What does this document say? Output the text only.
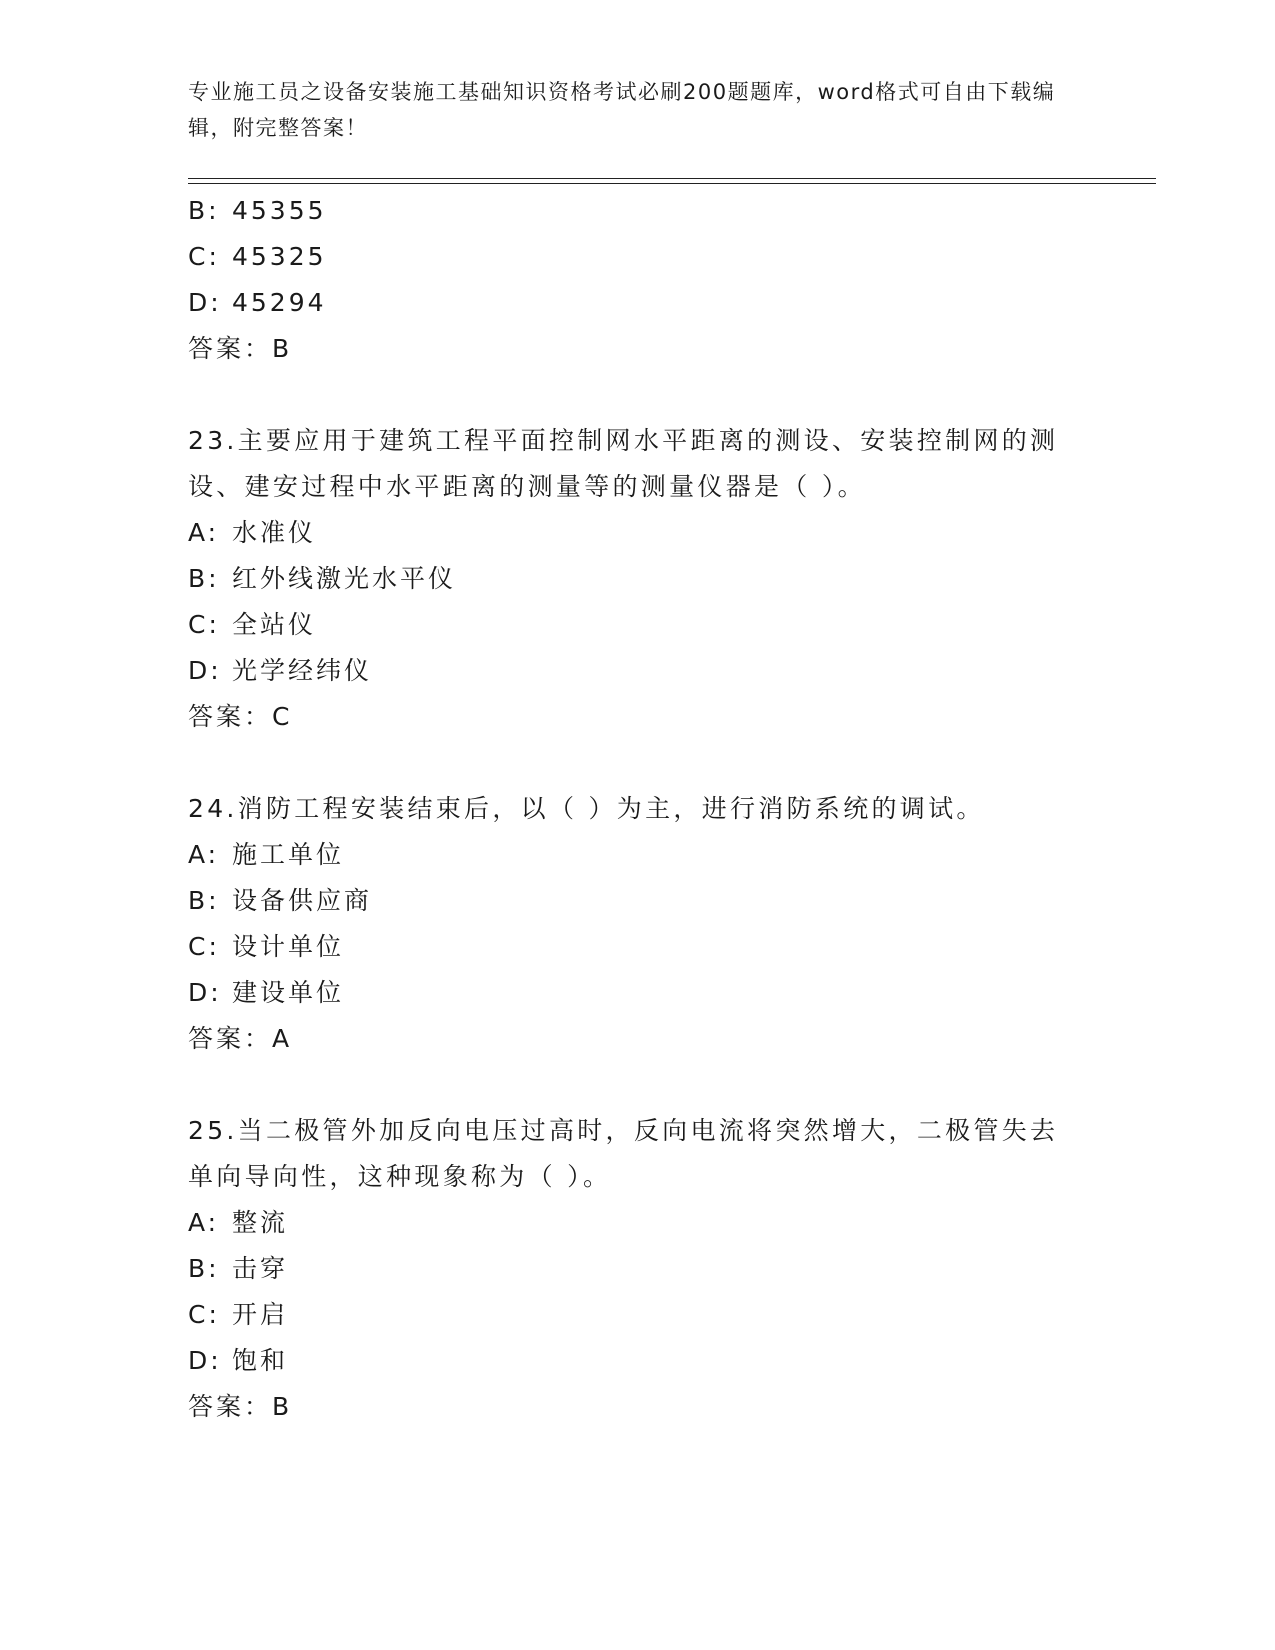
专业施工员之设备安装施工基础知识资格考试必刷200题题库，word格式可自由下载编辑，附完整答案！
B: 45355
C: 45325
D: 45294
答案：B
23.主要应用于建筑工程平面控制网水平距离的测设、安装控制网的测
设、建安过程中水平距离的测量等的测量仪器是（ ）。
A: 水准仪
B: 红外线激光水平仪
C: 全站仪
D: 光学经纬仪
答案：C
24.消防工程安装结束后，以（ ）为主，进行消防系统的调试。
A: 施工单位
B: 设备供应商
C: 设计单位
D: 建设单位
答案：A
25.当二极管外加反向电压过高时，反向电流将突然增大，二极管失去
单向导向性，这种现象称为（ ）。
A: 整流
B: 击穿
C: 开启
D: 饱和
答案：B
